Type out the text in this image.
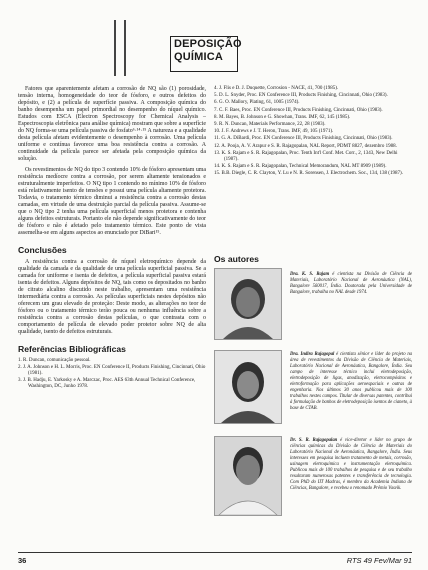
DEPOSIÇÃO
QUÍMICA

Fatores que aparentemente afetam a corrosão de NQ são (1) porosidade, tensão interna, homogeneidade do teor de fósforo, e outros defeitos do depósito, e (2) a película de superfície passiva. A composição química do banho desempenha um papel primordial no desempenho do níquel químico. Estudos com ESCA (Electron Spectroscopy for Chemical Analysis – Espectroscopia eletrônica para análise química) mostram que sobre a superfície do NQ forma-se uma película passiva de fosfato⁶·¹⁴·¹⁵ A natureza e a qualidade desta película afetam evidentemente o desempenho à corrosão. Uma película uniforme e contínua favorece uma boa resistência contra a corrosão. A continuidade da película parece ser afetada pela composição química da solução.

Os revestimentos de NQ do tipo 3 contendo 10% de fósforo apresentam uma resistência medíocre contra a corrosão, por serem altamente tensionados e estruturalmente imperfeitos. O NQ tipo 1 contendo no mínimo 10% de fósforo está relativamente isento de tensões e possui uma película altamente protetora. Todavia, o tratamento térmico diminui a resistência contra a corrosão destas camadas, em virtude de uma destruição parcial da película passiva. Assume-se que o NQ tipo 2 tenha uma película superficial menos protetora e contenha alguns defeitos estruturais. Portanto ele não depende significativamente do teor de fósforo e não é afetado pelo tratamento térmico. Este ponto de vista assemelha-se em alguns aspectos ao enunciado por DiBari¹⁵.

Conclusões

A resistência contra a corrosão de níquel eletroquímico depende da qualidade da camada e da qualidade de uma película superficial passiva. Se a camada for uniforme e isenta de defeitos, a película superficial passiva estará isenta de defeitos. Alguns depósitos de NQ, tais como os depositados no banho de citrato alcalino discutido neste trabalho, apresentam uma resistência intermediária contra a corrosão. As películas superficiais nestes depósitos não oferecem um grau elevado de proteção: Deste modo, as alterações no teor de fósforo ou o tratamento térmico terão pouca ou nenhuma influência sobre a resistência contra a corrosão destas películas, o que contrasta com o comportamento de película de elevado poder protetor sobre NQ de alta qualidade, isento de defeitos estruturais.

Referências Bibliográficas
1. R. Duncan, comunicação pessoal.
2. J. A. Johnson e H. L. Morris, Proc. EN Conference II, Products Finishing, Cincinnati, Ohio (1981).
3. J. B. Hadju, E. Yarkosky e A. Marczac, Proc. AES 63th Annual Technical Conference, Washington, DC, Junho 1978.
4. J. Flis e D. J. Duquette, Corrosion - NACE, 41, 700 (1985).
5. D. L. Snyder, Proc. EN Conference III, Products Finishing, Cincinnati, Ohio (1983).
6. G. O. Mallory, Plating, 61, 1005 (1974).
7. C. F. Baes, Proc. EN Conference III, Products Finishing, Cincinnati, Ohio (1983).
8. M. Bayes, B. Johnson e G. Showhan, Trans. IMF, 62, 145 (1985).
9. R. N. Duncan, Materials Performance, 22, 28 (1983).
10. J. F. Andrews e J. T. Heron, Trans. IMF, 49, 105 (1971).
11. G. A. DiBardi, Proc. EN Conference III, Products Finishing, Cincinnati, Ohio (1983).
12. A. Pooja, A. V. Arapur e S. R. Rajagopalan, NAL Report, PDMT 8827, dezembro 1988.
13. K. S. Rajam e S. R. Rajagopalan, Proc. Tenth Int'l Conf. Met. Corr., 2, 1343, New Delhi (1987).
14. K. S. Rajam e S. R. Rajagopalan, Technical Memorandum, NAL MT 8909 (1989).
15. B.B. Diegle, C. R. Clayton, Y. Lu e N. R. Sorensen, J. Electrochem. Soc., 134, 138 (1987).
Os autores
Dra. K. S. Rajam é cientista na Divisão de Ciência de Materiais, Laboratório Nacional de Aeronáutica (NAL), Bangalore 560017, Índia. Doutorada pela Universidade de Bangalore, trabalha no NAL desde 1974.
Dra. Indira Rajagopal é cientista sênior e líder do projeto na área de revestimentos da Divisão de Ciência de Materiais, Laboratório Nacional de Aeronáutica, Bangalore, Índia. Seu campo de interesse técnico inclui eletrodeposição, eletrodeposição de ligas, anodização, eletrocompósitos e eletroformação para aplicações aeroespaciais e outras de engenharia. Nos últimos 30 anos publicou mais de 100 trabalhos nestes campos. Titular de diversas patentes, contribui à formulação de banhos de eletrodeposição isentos de cianeto, à base de CTAB.
Dr. S. R. Rajagopalan é vice-diretor e líder no grupo de ciências químicas da Divisão de Ciência de Materiais do Laboratório Nacional de Aeronáutica, Bangalore, Índia. Seus interesses em pesquisa incluem tratamento de metais, corrosão, usinagem eletroquímica e instrumentação eletroquímica. Publicou mais de 100 trabalhos de pesquisa e de seu trabalho resultaram numerosas patentes e transferência de tecnologia. Com PhD do IIT Madras, é membro da Academia Indiana de Ciências, Bangalore, e recebeu o renomado Prêmio Vasvik.
36	RTS 49 Fev/Mar 91
